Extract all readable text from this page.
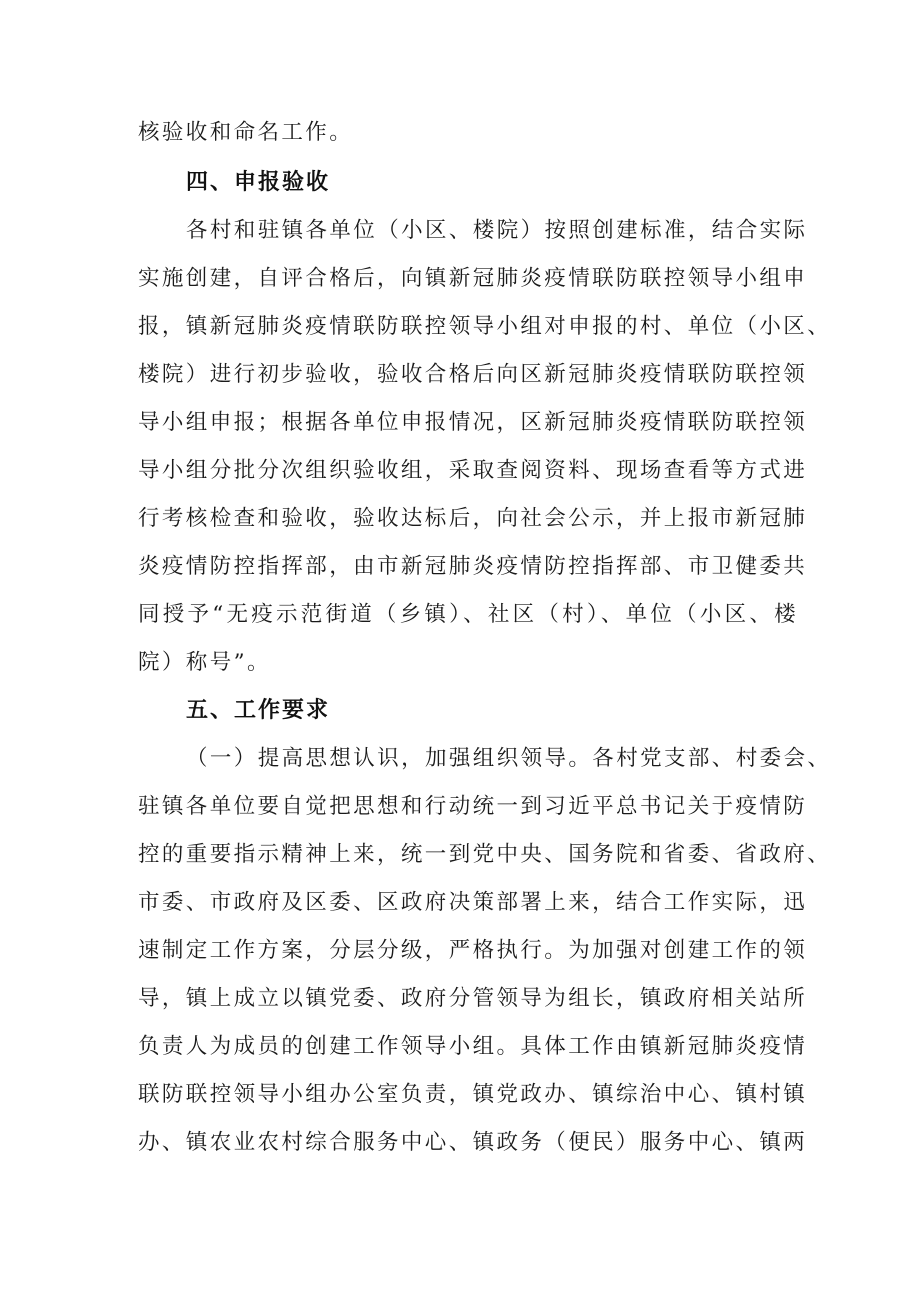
核验收和命名工作。
四、申报验收
各村和驻镇各单位（小区、楼院）按照创建标准，结合实际
实施创建，自评合格后，向镇新冠肺炎疫情联防联控领导小组申
报，镇新冠肺炎疫情联防联控领导小组对申报的村、单位（小区、
楼院）进行初步验收，验收合格后向区新冠肺炎疫情联防联控领
导小组申报；根据各单位申报情况，区新冠肺炎疫情联防联控领
导小组分批分次组织验收组，采取查阅资料、现场查看等方式进
行考核检查和验收，验收达标后，向社会公示，并上报市新冠肺
炎疫情防控指挥部，由市新冠肺炎疫情防控指挥部、市卫健委共
同授予“无疫示范街道（乡镇）、社区（村）、单位（小区、楼
院）称号”。
五、工作要求
（一）提高思想认识，加强组织领导。各村党支部、村委会、
驻镇各单位要自觉把思想和行动统一到习近平总书记关于疫情防
控的重要指示精神上来，统一到党中央、国务院和省委、省政府、
市委、市政府及区委、区政府决策部署上来，结合工作实际，迅
速制定工作方案，分层分级，严格执行。为加强对创建工作的领
导，镇上成立以镇党委、政府分管领导为组长，镇政府相关站所
负责人为成员的创建工作领导小组。具体工作由镇新冠肺炎疫情
联防联控领导小组办公室负责，镇党政办、镇综治中心、镇村镇
办、镇农业农村综合服务中心、镇政务（便民）服务中心、镇两
